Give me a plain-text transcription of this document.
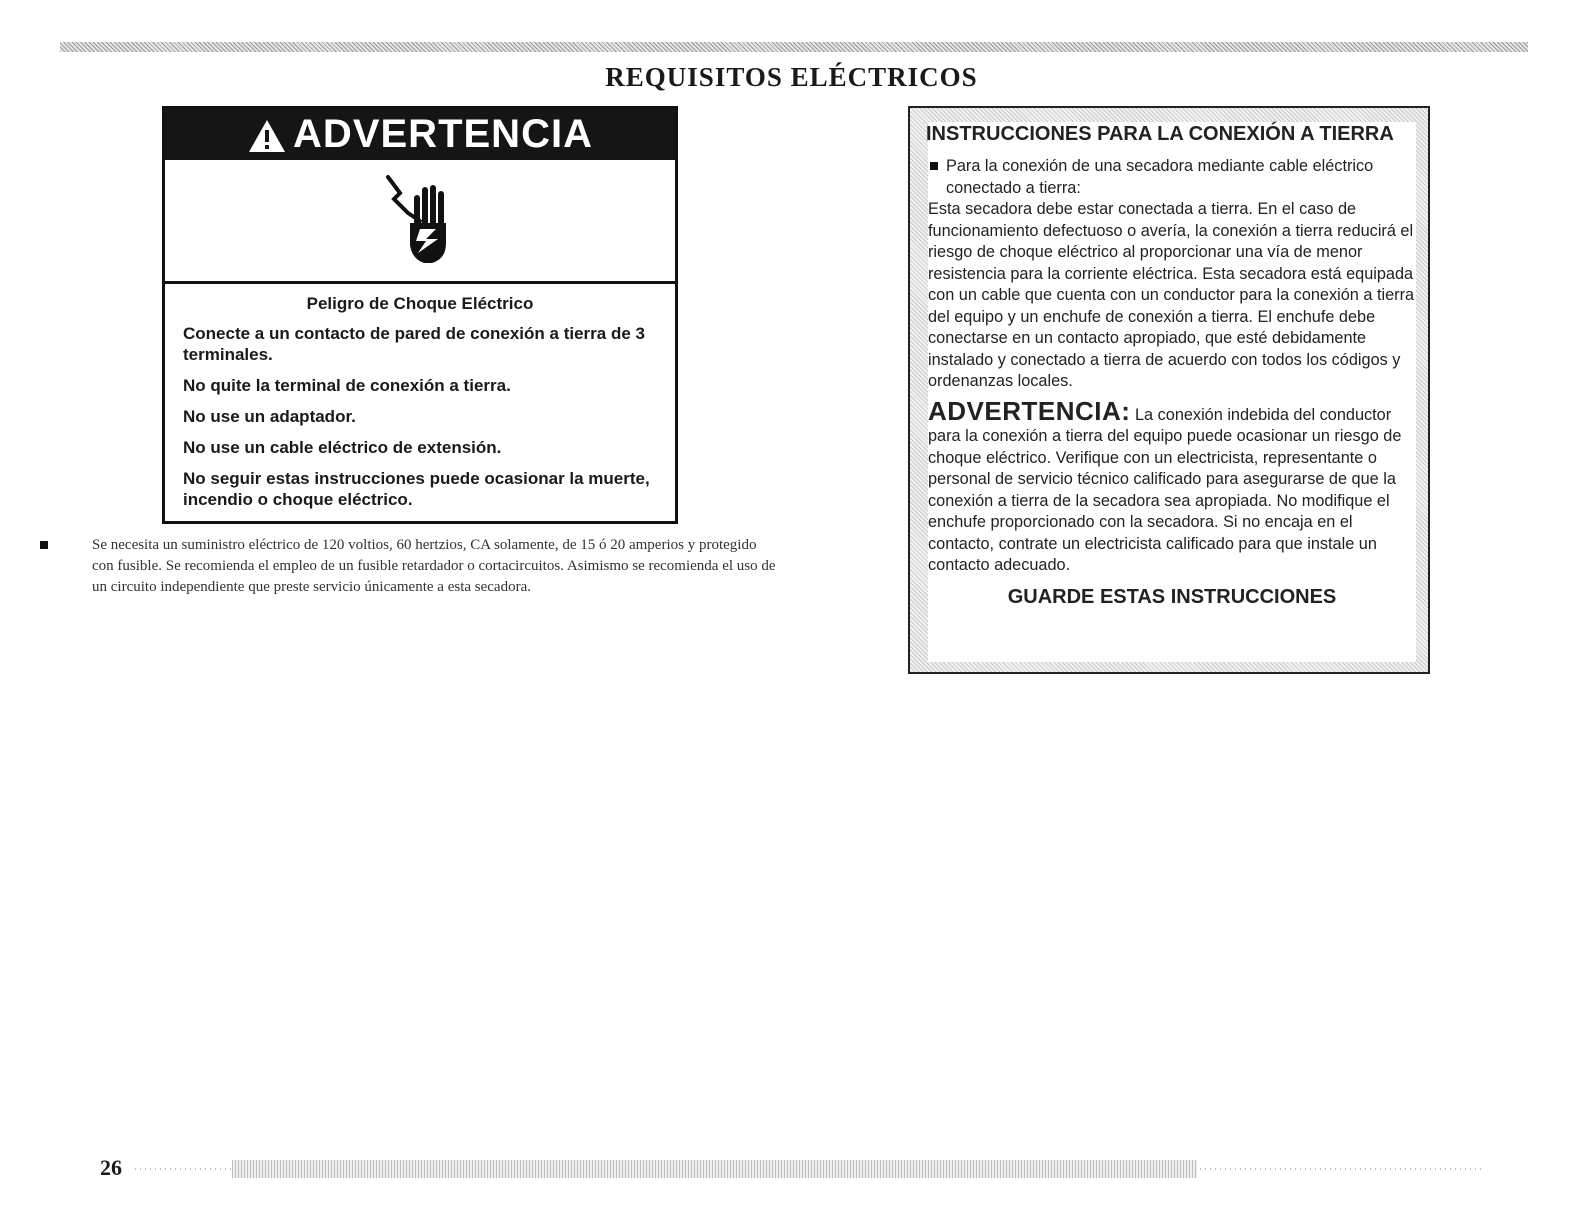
REQUISITOS ELÉCTRICOS
ADVERTENCIA
Peligro de Choque Eléctrico
Conecte a un contacto de pared de conexión a tierra de 3 terminales.
No quite la terminal de conexión a tierra.
No use un adaptador.
No use un cable eléctrico de extensión.
No seguir estas instrucciones puede ocasionar la muerte, incendio o choque eléctrico.
Se necesita un suministro eléctrico de 120 voltios, 60 hertzios, CA solamente, de 15 ó 20 amperios y protegido con fusible. Se recomienda el empleo de un fusible retardador o cortacircuitos. Asimismo se recomienda el uso de un circuito independiente que preste servicio únicamente a esta secadora.
INSTRUCCIONES PARA LA CONEXIÓN A TIERRA
Para la conexión de una secadora mediante cable eléctrico conectado a tierra:
Esta secadora debe estar conectada a tierra. En el caso de funcionamiento defectuoso o avería, la conexión a tierra reducirá el riesgo de choque eléctrico al proporcionar una vía de menor resistencia para la corriente eléctrica. Esta secadora está equipada con un cable que cuenta con un conductor para la conexión a tierra del equipo y un enchufe de conexión a tierra. El enchufe debe conectarse en un contacto apropiado, que esté debidamente instalado y conectado a tierra de acuerdo con todos los códigos y ordenanzas locales.
ADVERTENCIA: La conexión indebida del conductor para la conexión a tierra del equipo puede ocasionar un riesgo de choque eléctrico. Verifique con un electricista, representante o personal de servicio técnico calificado para asegurarse de que la conexión a tierra de la secadora sea apropiada. No modifique el enchufe proporcionado con la secadora. Si no encaja en el contacto, contrate un electricista calificado para que instale un contacto adecuado.
GUARDE ESTAS INSTRUCCIONES
26
